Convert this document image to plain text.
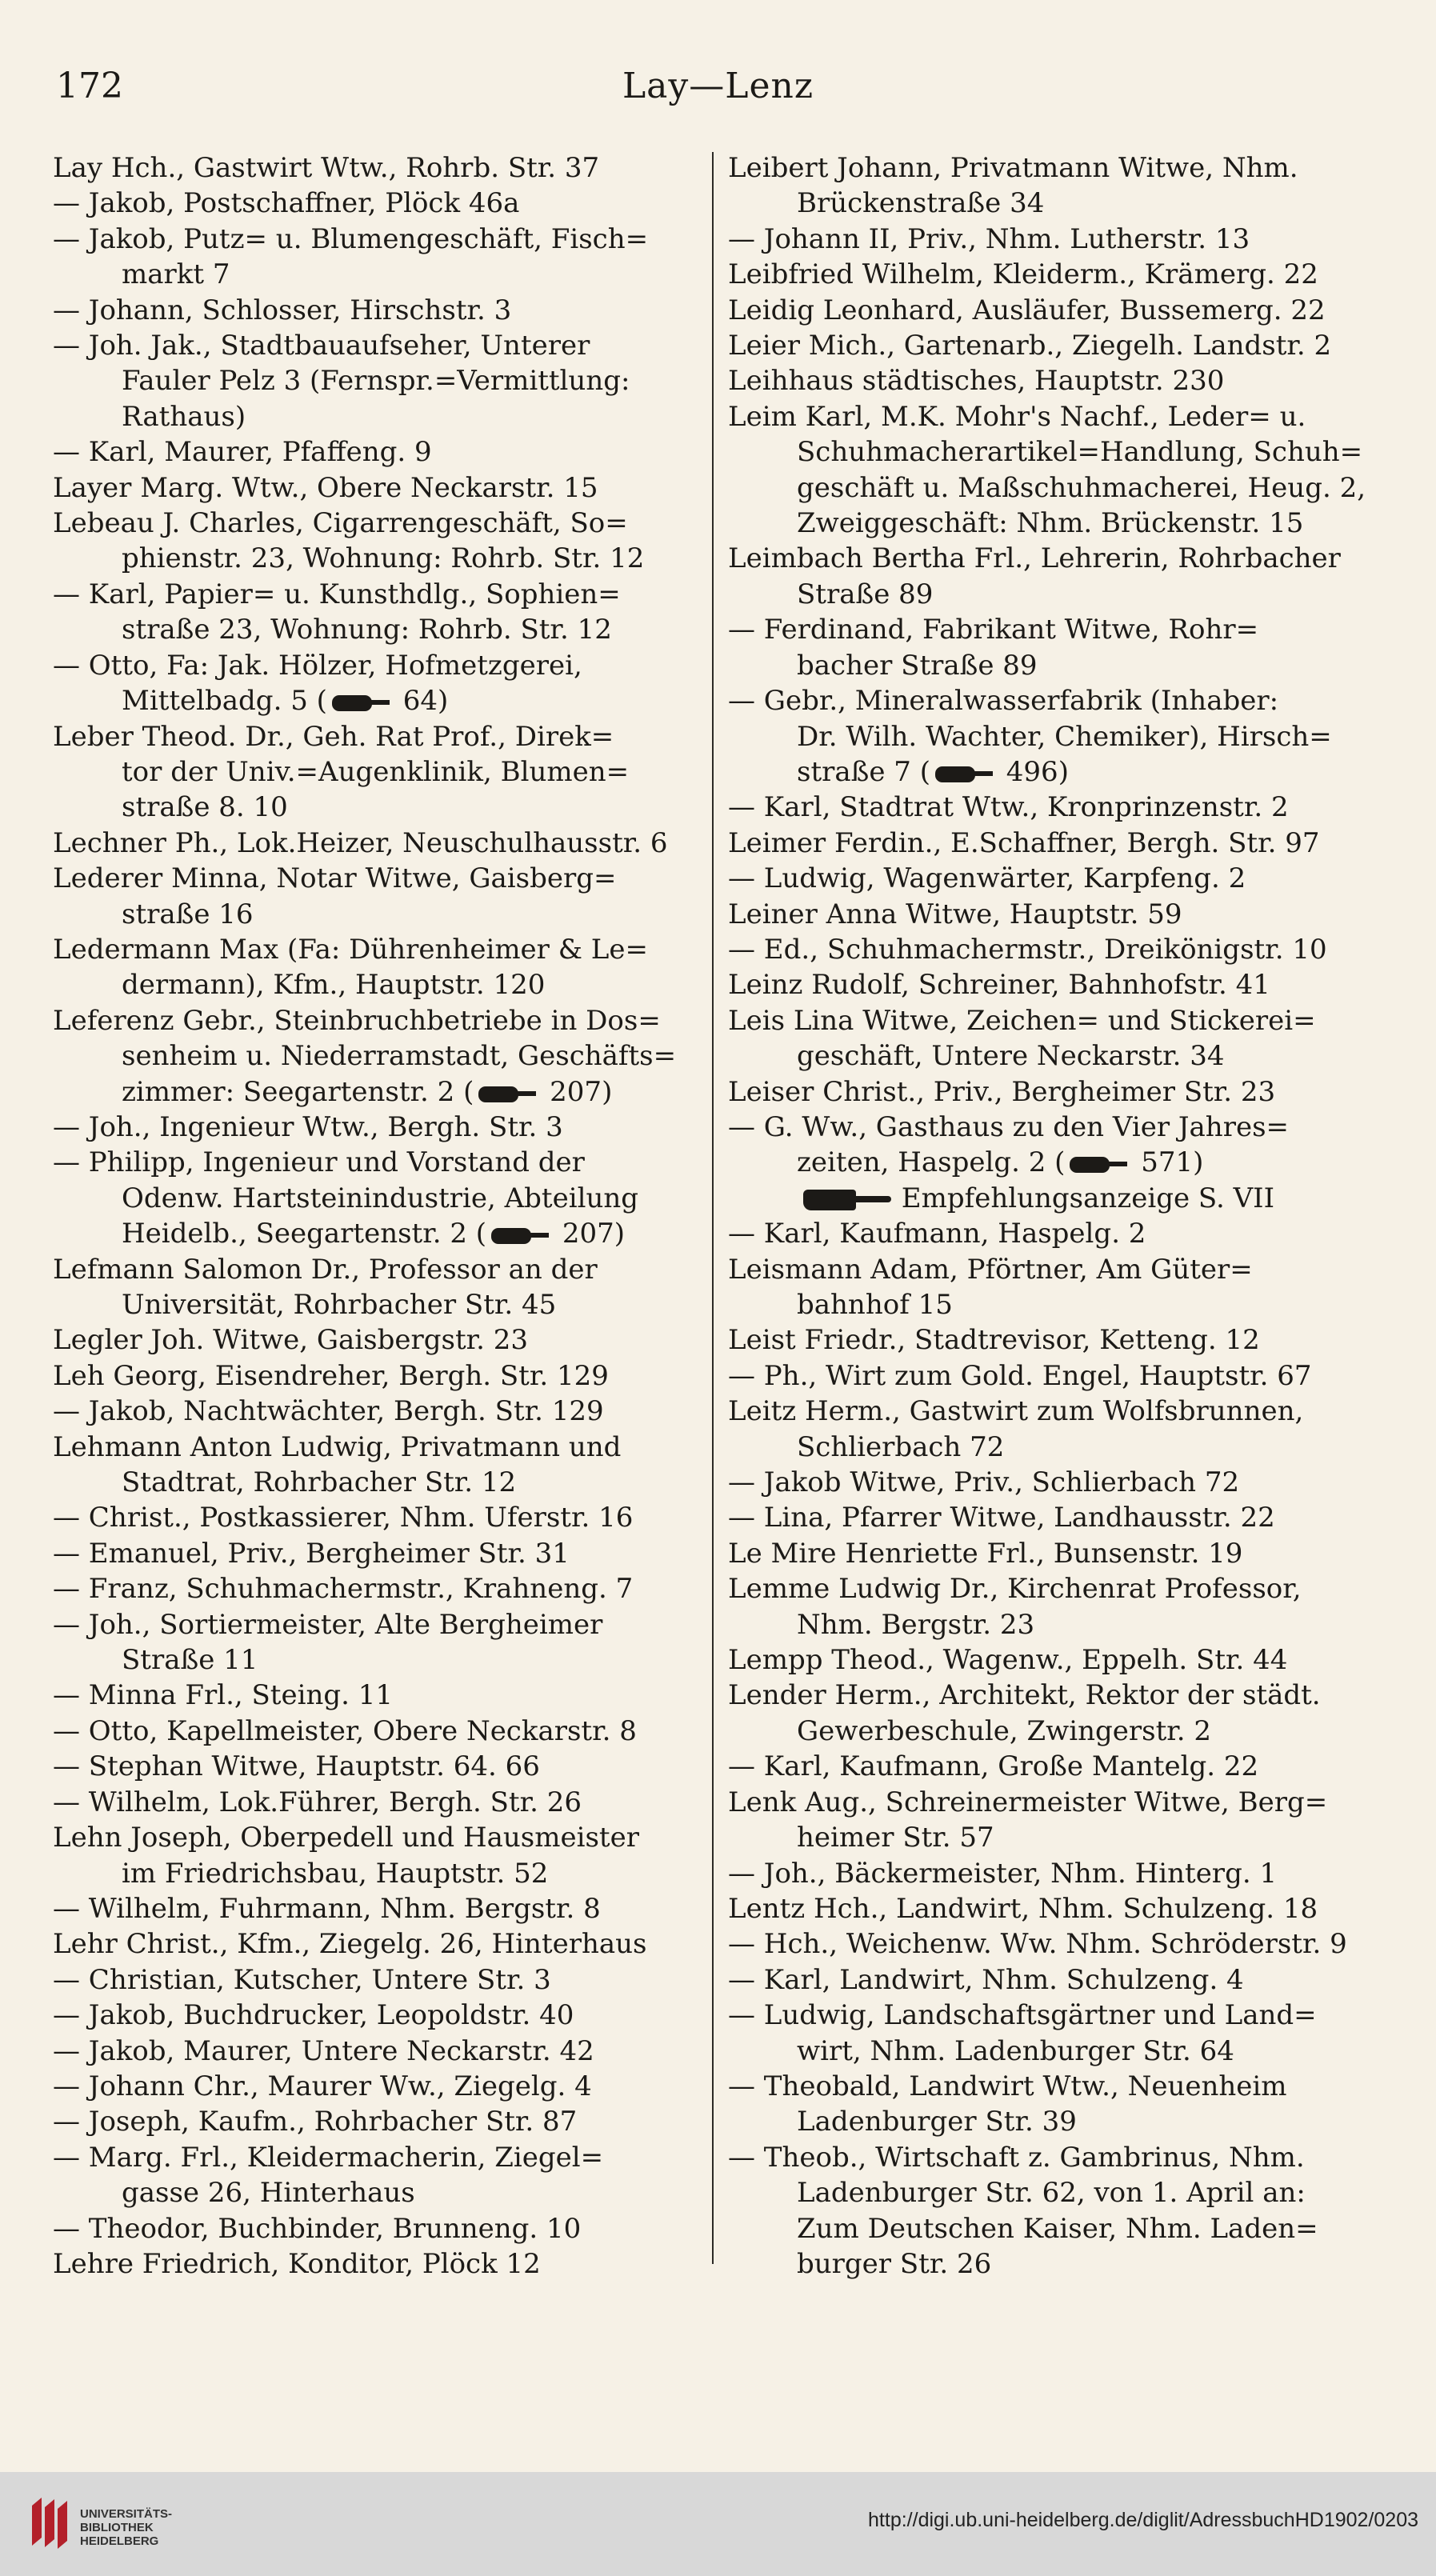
172	Lay—Lenz
Lay Hch., Gastwirt Wtw., Rohrb. Str. 37
— Jakob, Postschaffner, Plöck 46a
— Jakob, Putz= u. Blumengeschäft, Fisch=
markt 7
— Johann, Schlosser, Hirschstr. 3
— Joh. Jak., Stadtbauaufseher, Unterer
Fauler Pelz 3 (Fernspr.=Vermittlung:
Rathaus)
— Karl, Maurer, Pfaffeng. 9
Layer Marg. Wtw., Obere Neckarstr. 15
Lebeau J. Charles, Cigarrengeschäft, So=
phienstr. 23, Wohnung: Rohrb. Str. 12
— Karl, Papier= u. Kunsthdlg., Sophien=
straße 23, Wohnung: Rohrb. Str. 12
— Otto, Fa: Jak. Hölzer, Hofmetzgerei,
Mittelbadg. 5 ( 64)
Leber Theod. Dr., Geh. Rat Prof., Direk=
tor der Univ.=Augenklinik, Blumen=
straße 8. 10
Lechner Ph., Lok.Heizer, Neuschulhausstr. 6
Lederer Minna, Notar Witwe, Gaisberg=
straße 16
Ledermann Max (Fa: Dührenheimer & Le=
dermann), Kfm., Hauptstr. 120
Leferenz Gebr., Steinbruchbetriebe in Dos=
senheim u. Niederramstadt, Geschäfts=
zimmer: Seegartenstr. 2 ( 207)
— Joh., Ingenieur Wtw., Bergh. Str. 3
— Philipp, Ingenieur und Vorstand der
Odenw. Hartsteinindustrie, Abteilung
Heidelb., Seegartenstr. 2 ( 207)
Lefmann Salomon Dr., Professor an der
Universität, Rohrbacher Str. 45
Legler Joh. Witwe, Gaisbergstr. 23
Leh Georg, Eisendreher, Bergh. Str. 129
— Jakob, Nachtwächter, Bergh. Str. 129
Lehmann Anton Ludwig, Privatmann und
Stadtrat, Rohrbacher Str. 12
— Christ., Postkassierer, Nhm. Uferstr. 16
— Emanuel, Priv., Bergheimer Str. 31
— Franz, Schuhmachermstr., Krahneng. 7
— Joh., Sortiermeister, Alte Bergheimer
Straße 11
— Minna Frl., Steing. 11
— Otto, Kapellmeister, Obere Neckarstr. 8
— Stephan Witwe, Hauptstr. 64. 66
— Wilhelm, Lok.Führer, Bergh. Str. 26
Lehn Joseph, Oberpedell und Hausmeister
im Friedrichsbau, Hauptstr. 52
— Wilhelm, Fuhrmann, Nhm. Bergstr. 8
Lehr Christ., Kfm., Ziegelg. 26, Hinterhaus
— Christian, Kutscher, Untere Str. 3
— Jakob, Buchdrucker, Leopoldstr. 40
— Jakob, Maurer, Untere Neckarstr. 42
— Johann Chr., Maurer Ww., Ziegelg. 4
— Joseph, Kaufm., Rohrbacher Str. 87
— Marg. Frl., Kleidermacherin, Ziegel=
gasse 26, Hinterhaus
— Theodor, Buchbinder, Brunneng. 10
Lehre Friedrich, Konditor, Plöck 12
Leibert Johann, Privatmann Witwe, Nhm.
Brückenstraße 34
— Johann II, Priv., Nhm. Lutherstr. 13
Leibfried Wilhelm, Kleiderm., Krämerg. 22
Leidig Leonhard, Ausläufer, Bussemerg. 22
Leier Mich., Gartenarb., Ziegelh. Landstr. 2
Leihhaus städtisches, Hauptstr. 230
Leim Karl, M.K. Mohr's Nachf., Leder= u.
Schuhmacherartikel=Handlung, Schuh=
geschäft u. Maßschuhmacherei, Heug. 2,
Zweiggeschäft: Nhm. Brückenstr. 15
Leimbach Bertha Frl., Lehrerin, Rohrbacher
Straße 89
— Ferdinand, Fabrikant Witwe, Rohr=
bacher Straße 89
— Gebr., Mineralwasserfabrik (Inhaber:
Dr. Wilh. Wachter, Chemiker), Hirsch=
straße 7 ( 496)
— Karl, Stadtrat Wtw., Kronprinzenstr. 2
Leimer Ferdin., E.Schaffner, Bergh. Str. 97
— Ludwig, Wagenwärter, Karpfeng. 2
Leiner Anna Witwe, Hauptstr. 59
— Ed., Schuhmachermstr., Dreikönigstr. 10
Leinz Rudolf, Schreiner, Bahnhofstr. 41
Leis Lina Witwe, Zeichen= und Stickerei=
geschäft, Untere Neckarstr. 34
Leiser Christ., Priv., Bergheimer Str. 23
— G. Ww., Gasthaus zu den Vier Jahres=
zeiten, Haspelg. 2 ( 571)
Empfehlungsanzeige S. VII
— Karl, Kaufmann, Haspelg. 2
Leismann Adam, Pförtner, Am Güter=
bahnhof 15
Leist Friedr., Stadtrevisor, Ketteng. 12
— Ph., Wirt zum Gold. Engel, Hauptstr. 67
Leitz Herm., Gastwirt zum Wolfsbrunnen,
Schlierbach 72
— Jakob Witwe, Priv., Schlierbach 72
— Lina, Pfarrer Witwe, Landhausstr. 22
Le Mire Henriette Frl., Bunsenstr. 19
Lemme Ludwig Dr., Kirchenrat Professor,
Nhm. Bergstr. 23
Lempp Theod., Wagenw., Eppelh. Str. 44
Lender Herm., Architekt, Rektor der städt.
Gewerbeschule, Zwingerstr. 2
— Karl, Kaufmann, Große Mantelg. 22
Lenk Aug., Schreinermeister Witwe, Berg=
heimer Str. 57
— Joh., Bäckermeister, Nhm. Hinterg. 1
Lentz Hch., Landwirt, Nhm. Schulzeng. 18
— Hch., Weichenw. Ww. Nhm. Schröderstr. 9
— Karl, Landwirt, Nhm. Schulzeng. 4
— Ludwig, Landschaftsgärtner und Land=
wirt, Nhm. Ladenburger Str. 64
— Theobald, Landwirt Wtw., Neuenheim
Ladenburger Str. 39
— Theob., Wirtschaft z. Gambrinus, Nhm.
Ladenburger Str. 62, von 1. April an:
Zum Deutschen Kaiser, Nhm. Laden=
burger Str. 26
UNIVERSITÄTS-
BIBLIOTHEK
HEIDELBERG
http://digi.ub.uni-heidelberg.de/diglit/AdressbuchHD1902/0203
